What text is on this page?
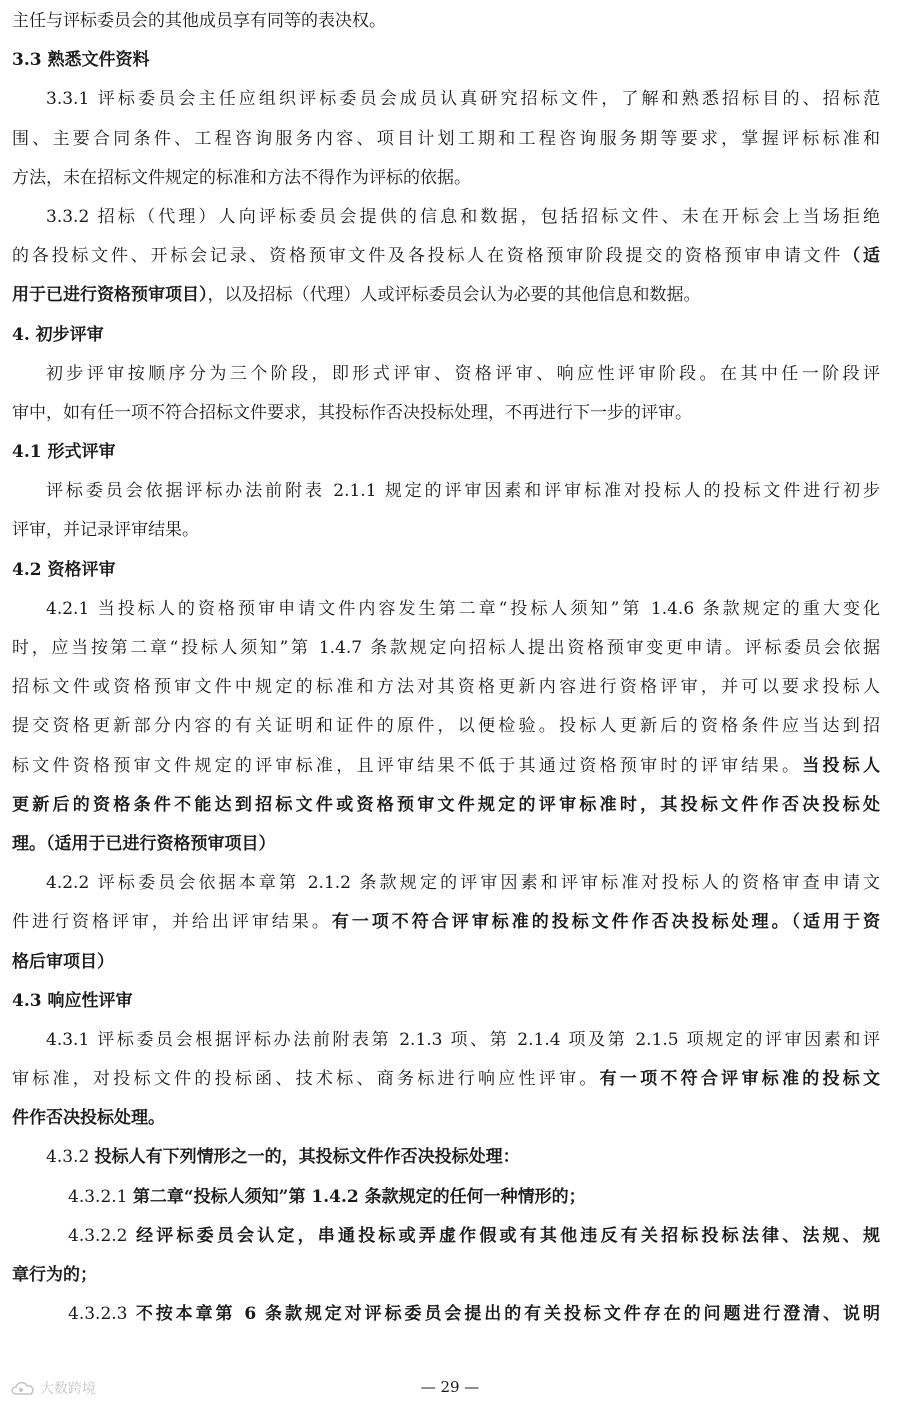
主任与评标委员会的其他成员享有同等的表决权。
3.3 熟悉文件资料
3.3.1 评标委员会主任应组织评标委员会成员认真研究招标文件，了解和熟悉招标目的、招标范
围、主要合同条件、工程咨询服务内容、项目计划工期和工程咨询服务期等要求，掌握评标标准和
方法，未在招标文件规定的标准和方法不得作为评标的依据。
3.3.2 招标（代理）人向评标委员会提供的信息和数据，包括招标文件、未在开标会上当场拒绝
的各投标文件、开标会记录、资格预审文件及各投标人在资格预审阶段提交的资格预审申请文件（适
用于已进行资格预审项目），以及招标（代理）人或评标委员会认为必要的其他信息和数据。
4. 初步评审
初步评审按顺序分为三个阶段，即形式评审、资格评审、响应性评审阶段。在其中任一阶段评
审中，如有任一项不符合招标文件要求，其投标作否决投标处理，不再进行下一步的评审。
4.1 形式评审
评标委员会依据评标办法前附表 2.1.1 规定的评审因素和评审标准对投标人的投标文件进行初步
评审，并记录评审结果。
4.2 资格评审
4.2.1 当投标人的资格预审申请文件内容发生第二章“投标人须知”第 1.4.6 条款规定的重大变化
时，应当按第二章“投标人须知”第 1.4.7 条款规定向招标人提出资格预审变更申请。评标委员会依据
招标文件或资格预审文件中规定的标准和方法对其资格更新内容进行资格评审，并可以要求投标人
提交资格更新部分内容的有关证明和证件的原件，以便检验。投标人更新后的资格条件应当达到招
标文件资格预审文件规定的评审标准，且评审结果不低于其通过资格预审时的评审结果。当投标人
更新后的资格条件不能达到招标文件或资格预审文件规定的评审标准时，其投标文件作否决投标处
理。（适用于已进行资格预审项目）
4.2.2 评标委员会依据本章第 2.1.2 条款规定的评审因素和评审标准对投标人的资格审查申请文
件进行资格评审，并给出评审结果。有一项不符合评审标准的投标文件作否决投标处理。（适用于资
格后审项目）
4.3 响应性评审
4.3.1 评标委员会根据评标办法前附表第 2.1.3 项、第 2.1.4 项及第 2.1.5 项规定的评审因素和评
审标准，对投标文件的投标函、技术标、商务标进行响应性评审。有一项不符合评审标准的投标文
件作否决投标处理。
4.3.2 投标人有下列情形之一的，其投标文件作否决投标处理：
4.3.2.1 第二章“投标人须知”第 1.4.2 条款规定的任何一种情形的；
4.3.2.2 经评标委员会认定，串通投标或弄虚作假或有其他违反有关招标投标法律、法规、规
章行为的；
4.3.2.3 不按本章第 6 条款规定对评标委员会提出的有关投标文件存在的问题进行澄清、说明
大数跨境	— 29 —
